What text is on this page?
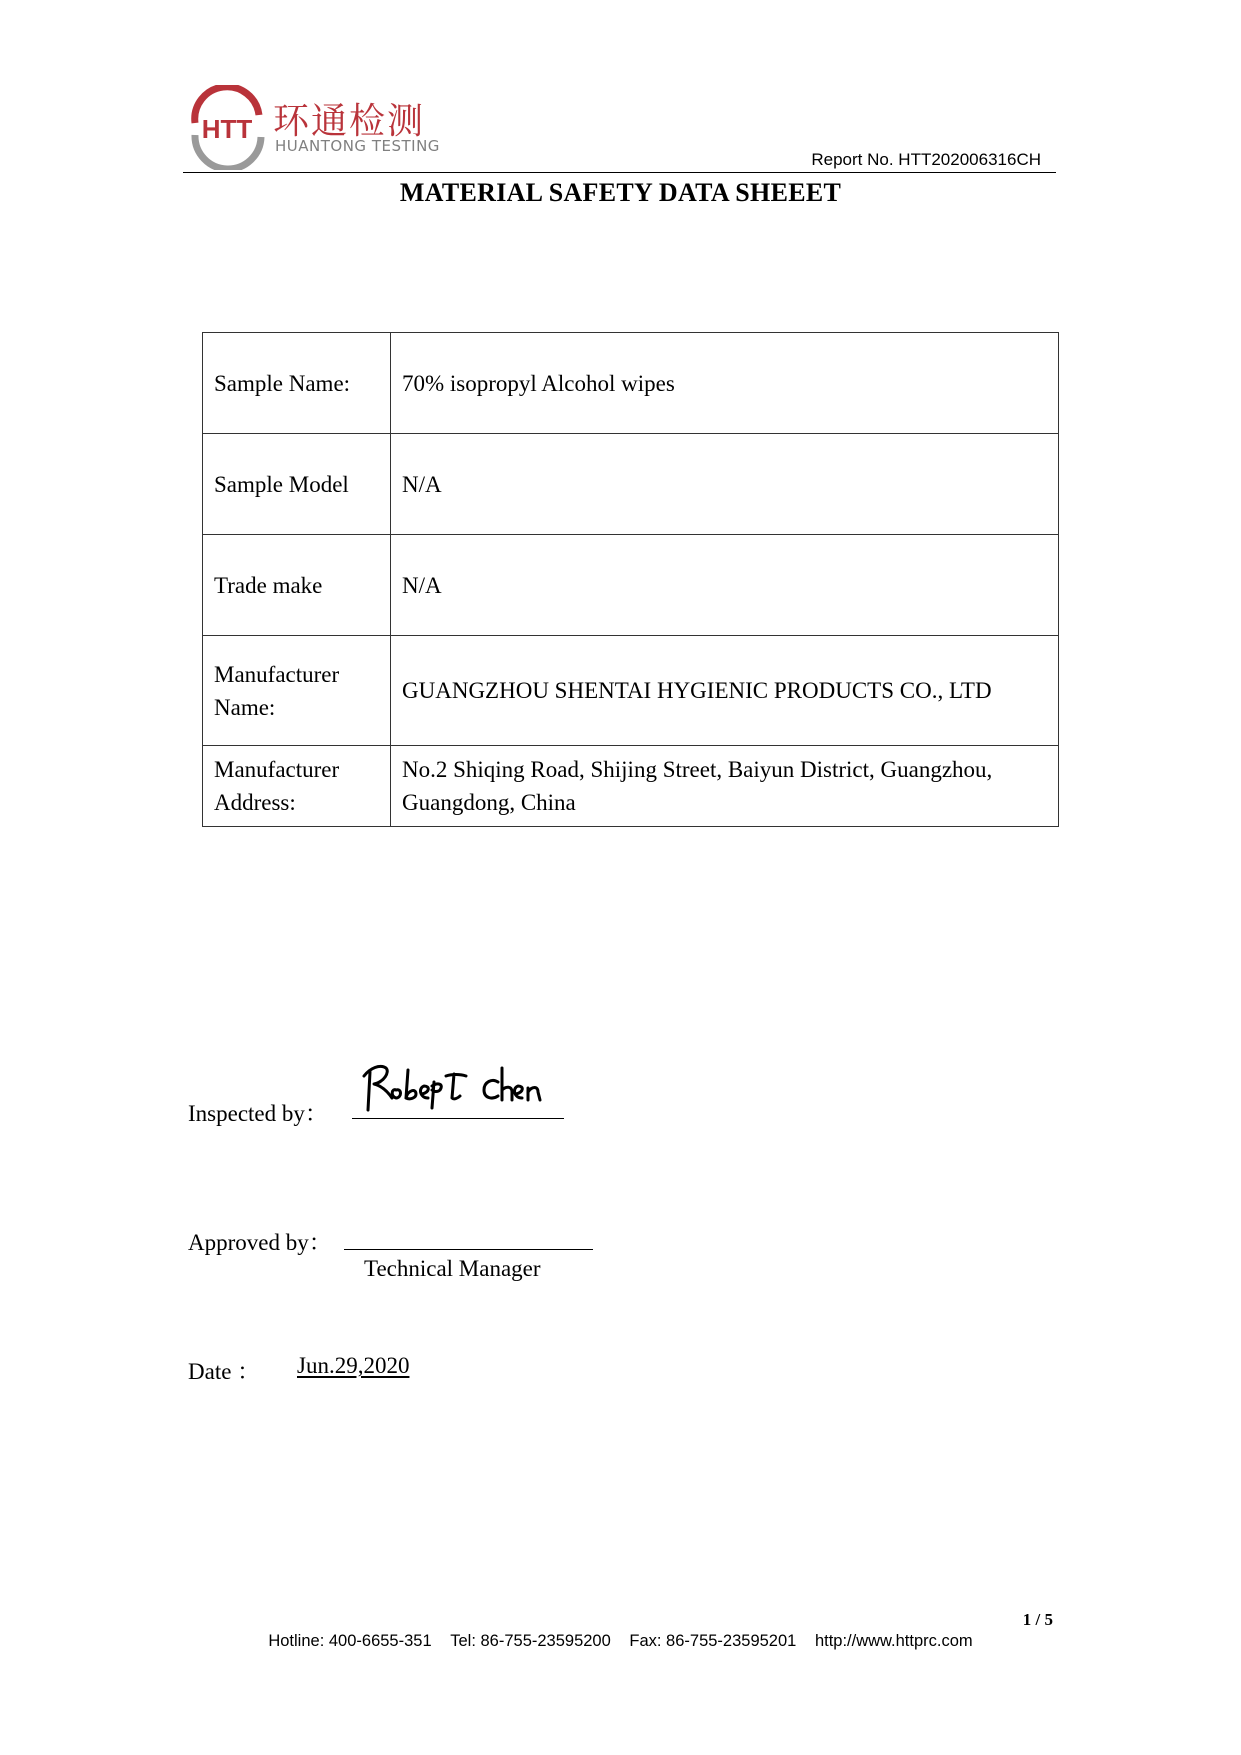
HTT 环通检测
HUANTONG TESTING
Report No. HTT202006316CH
MATERIAL SAFETY DATA SHEEET
Sample Name:	70% isopropyl Alcohol wipes
Sample Model	N/A
Trade make	N/A
Manufacturer Name:	GUANGZHOU SHENTAI HYGIENIC PRODUCTS CO., LTD
Manufacturer Address:	No.2 Shiqing Road, Shijing Street, Baiyun District, Guangzhou, Guangdong, China
Inspected by：
Approved by：
Technical Manager
Date ： Jun.29,2020
1 / 5
Hotline: 400-6655-351 Tel: 86-755-23595200 Fax: 86-755-23595201 http://www.httprc.com
